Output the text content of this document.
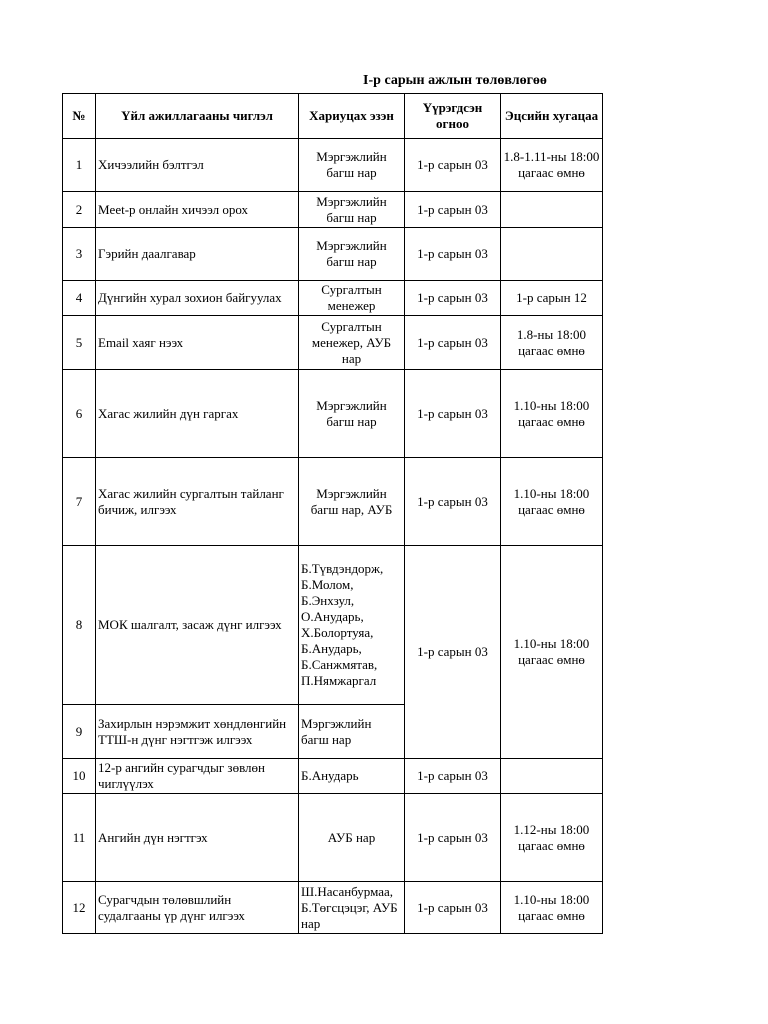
I-р сарын ажлын төлөвлөгөө
№	Үйл ажиллагааны чиглэл	Хариуцах эзэн	Үүрэгдсэн огноо	Эцсийн хугацаа
1	Хичээлийн бэлтгэл	Мэргэжлийн багш нар	1-р сарын 03	1.8-1.11-ны 18:00 цагаас өмнө
2	Meet-р онлайн хичээл орох	Мэргэжлийн багш нар	1-р сарын 03	
3	Гэрийн даалгавар	Мэргэжлийн багш нар	1-р сарын 03	
4	Дүнгийн хурал зохион байгуулах	Сургалтын менежер	1-р сарын 03	1-р сарын 12
5	Email хаяг нээх	Сургалтын менежер, АУБ нар	1-р сарын 03	1.8-ны 18:00 цагаас өмнө
6	Хагас жилийн дүн гаргах	Мэргэжлийн багш нар	1-р сарын 03	1.10-ны 18:00 цагаас өмнө
7	Хагас жилийн сургалтын тайланг бичиж, илгээх	Мэргэжлийн багш нар, АУБ	1-р сарын 03	1.10-ны 18:00 цагаас өмнө
8	МОК шалгалт, засаж дүнг илгээх	Б.Түвдэндорж, Б.Молом, Б.Энхзул, О.Анударь, Х.Болортуяа, Б.Анударь, Б.Санжмятав, П.Нямжаргал	1-р сарын 03	1.10-ны 18:00 цагаас өмнө
9	Захирлын нэрэмжит хөндлөнгийн ТТШ-н дүнг нэгтгэж илгээх	Мэргэжлийн багш нар		
10	12-р ангийн сурагчдыг зөвлөн чиглүүлэх	Б.Анударь	1-р сарын 03	
11	Ангийн дүн нэгтгэх	АУБ нар	1-р сарын 03	1.12-ны 18:00 цагаас өмнө
12	Сурагчдын төлөвшлийн судалгааны үр дүнг илгээх	Ш.Насанбурмаа, Б.Төгсцэцэг, АУБ нар	1-р сарын 03	1.10-ны 18:00 цагаас өмнө
